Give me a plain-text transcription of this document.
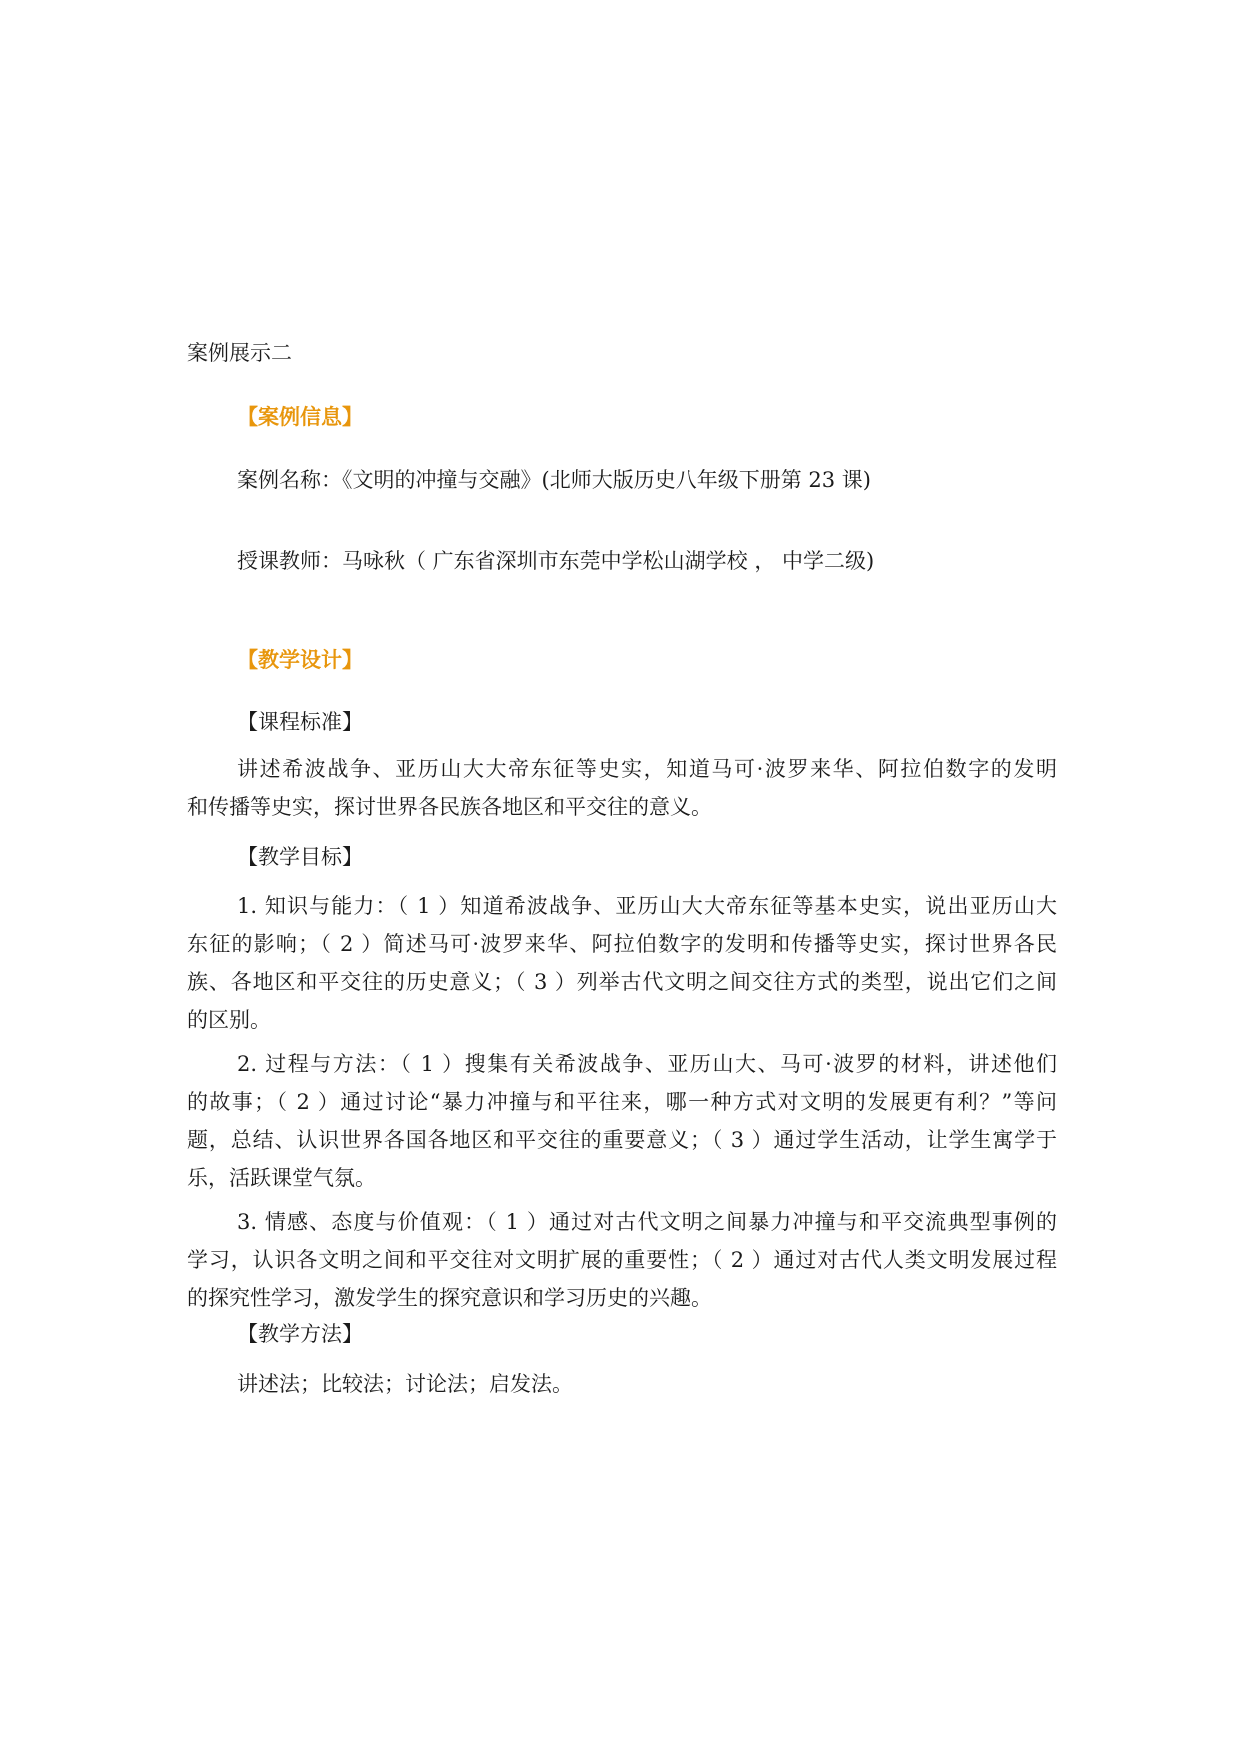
案例展示二
【案例信息】
案例名称：《文明的冲撞与交融》(北师大版历史八年级下册第 23 课)
授课教师：马咏秋（ 广东省深圳市东莞中学松山湖学校 ， 中学二级)
【教学设计】
【课程标准】
讲述希波战争、亚历山大大帝东征等史实，知道马可·波罗来华、阿拉伯数字的发明
和传播等史实，探讨世界各民族各地区和平交往的意义。
【教学目标】
1. 知识与能力：（ 1 ）知道希波战争、亚历山大大帝东征等基本史实，说出亚历山大
东征的影响；（ 2 ）简述马可·波罗来华、阿拉伯数字的发明和传播等史实，探讨世界各民
族、各地区和平交往的历史意义；（ 3 ）列举古代文明之间交往方式的类型，说出它们之间
的区别。
2. 过程与方法：（ 1 ）搜集有关希波战争、亚历山大、马可·波罗的材料，讲述他们
的故事；（ 2 ）通过讨论“暴力冲撞与和平往来，哪一种方式对文明的发展更有利？”等问
题，总结、认识世界各国各地区和平交往的重要意义；（ 3 ）通过学生活动，让学生寓学于
乐，活跃课堂气氛。
3. 情感、态度与价值观：（ 1 ）通过对古代文明之间暴力冲撞与和平交流典型事例的
学习，认识各文明之间和平交往对文明扩展的重要性；（ 2 ）通过对古代人类文明发展过程
的探究性学习，激发学生的探究意识和学习历史的兴趣。
【教学方法】
讲述法；比较法；讨论法；启发法。
